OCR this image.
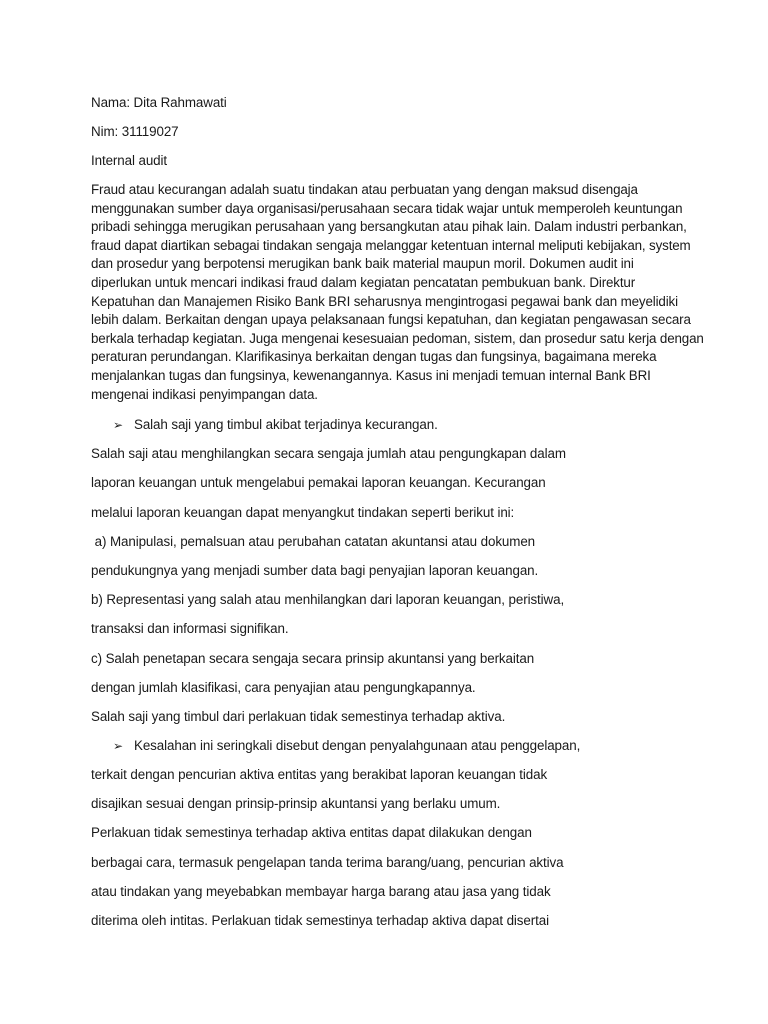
Nama: Dita Rahmawati
Nim: 31119027
Internal audit
Fraud atau kecurangan adalah suatu tindakan atau perbuatan yang dengan maksud disengaja
menggunakan sumber daya organisasi/perusahaan secara tidak wajar untuk memperoleh keuntungan
pribadi sehingga merugikan perusahaan yang bersangkutan atau pihak lain. Dalam industri perbankan,
fraud dapat diartikan sebagai tindakan sengaja melanggar ketentuan internal meliputi kebijakan, system
dan prosedur yang berpotensi merugikan bank baik material maupun moril. Dokumen audit ini
diperlukan untuk mencari indikasi fraud dalam kegiatan pencatatan pembukuan bank. Direktur
Kepatuhan dan Manajemen Risiko Bank BRI seharusnya mengintrogasi pegawai bank dan meyelidiki
lebih dalam. Berkaitan dengan upaya pelaksanaan fungsi kepatuhan, dan kegiatan pengawasan secara
berkala terhadap kegiatan. Juga mengenai kesesuaian pedoman, sistem, dan prosedur satu kerja dengan
peraturan perundangan. Klarifikasinya berkaitan dengan tugas dan fungsinya, bagaimana mereka
menjalankan tugas dan fungsinya, kewenangannya. Kasus ini menjadi temuan internal Bank BRI
mengenai indikasi penyimpangan data.
➢ Salah saji yang timbul akibat terjadinya kecurangan.
Salah saji atau menghilangkan secara sengaja jumlah atau pengungkapan dalam
laporan keuangan untuk mengelabui pemakai laporan keuangan. Kecurangan
melalui laporan keuangan dapat menyangkut tindakan seperti berikut ini:
a) Manipulasi, pemalsuan atau perubahan catatan akuntansi atau dokumen
pendukungnya yang menjadi sumber data bagi penyajian laporan keuangan.
b) Representasi yang salah atau menhilangkan dari laporan keuangan, peristiwa,
transaksi dan informasi signifikan.
c) Salah penetapan secara sengaja secara prinsip akuntansi yang berkaitan
dengan jumlah klasifikasi, cara penyajian atau pengungkapannya.
Salah saji yang timbul dari perlakuan tidak semestinya terhadap aktiva.
➢ Kesalahan ini seringkali disebut dengan penyalahgunaan atau penggelapan,
terkait dengan pencurian aktiva entitas yang berakibat laporan keuangan tidak
disajikan sesuai dengan prinsip-prinsip akuntansi yang berlaku umum.
Perlakuan tidak semestinya terhadap aktiva entitas dapat dilakukan dengan
berbagai cara, termasuk pengelapan tanda terima barang/uang, pencurian aktiva
atau tindakan yang meyebabkan membayar harga barang atau jasa yang tidak
diterima oleh intitas. Perlakuan tidak semestinya terhadap aktiva dapat disertai
